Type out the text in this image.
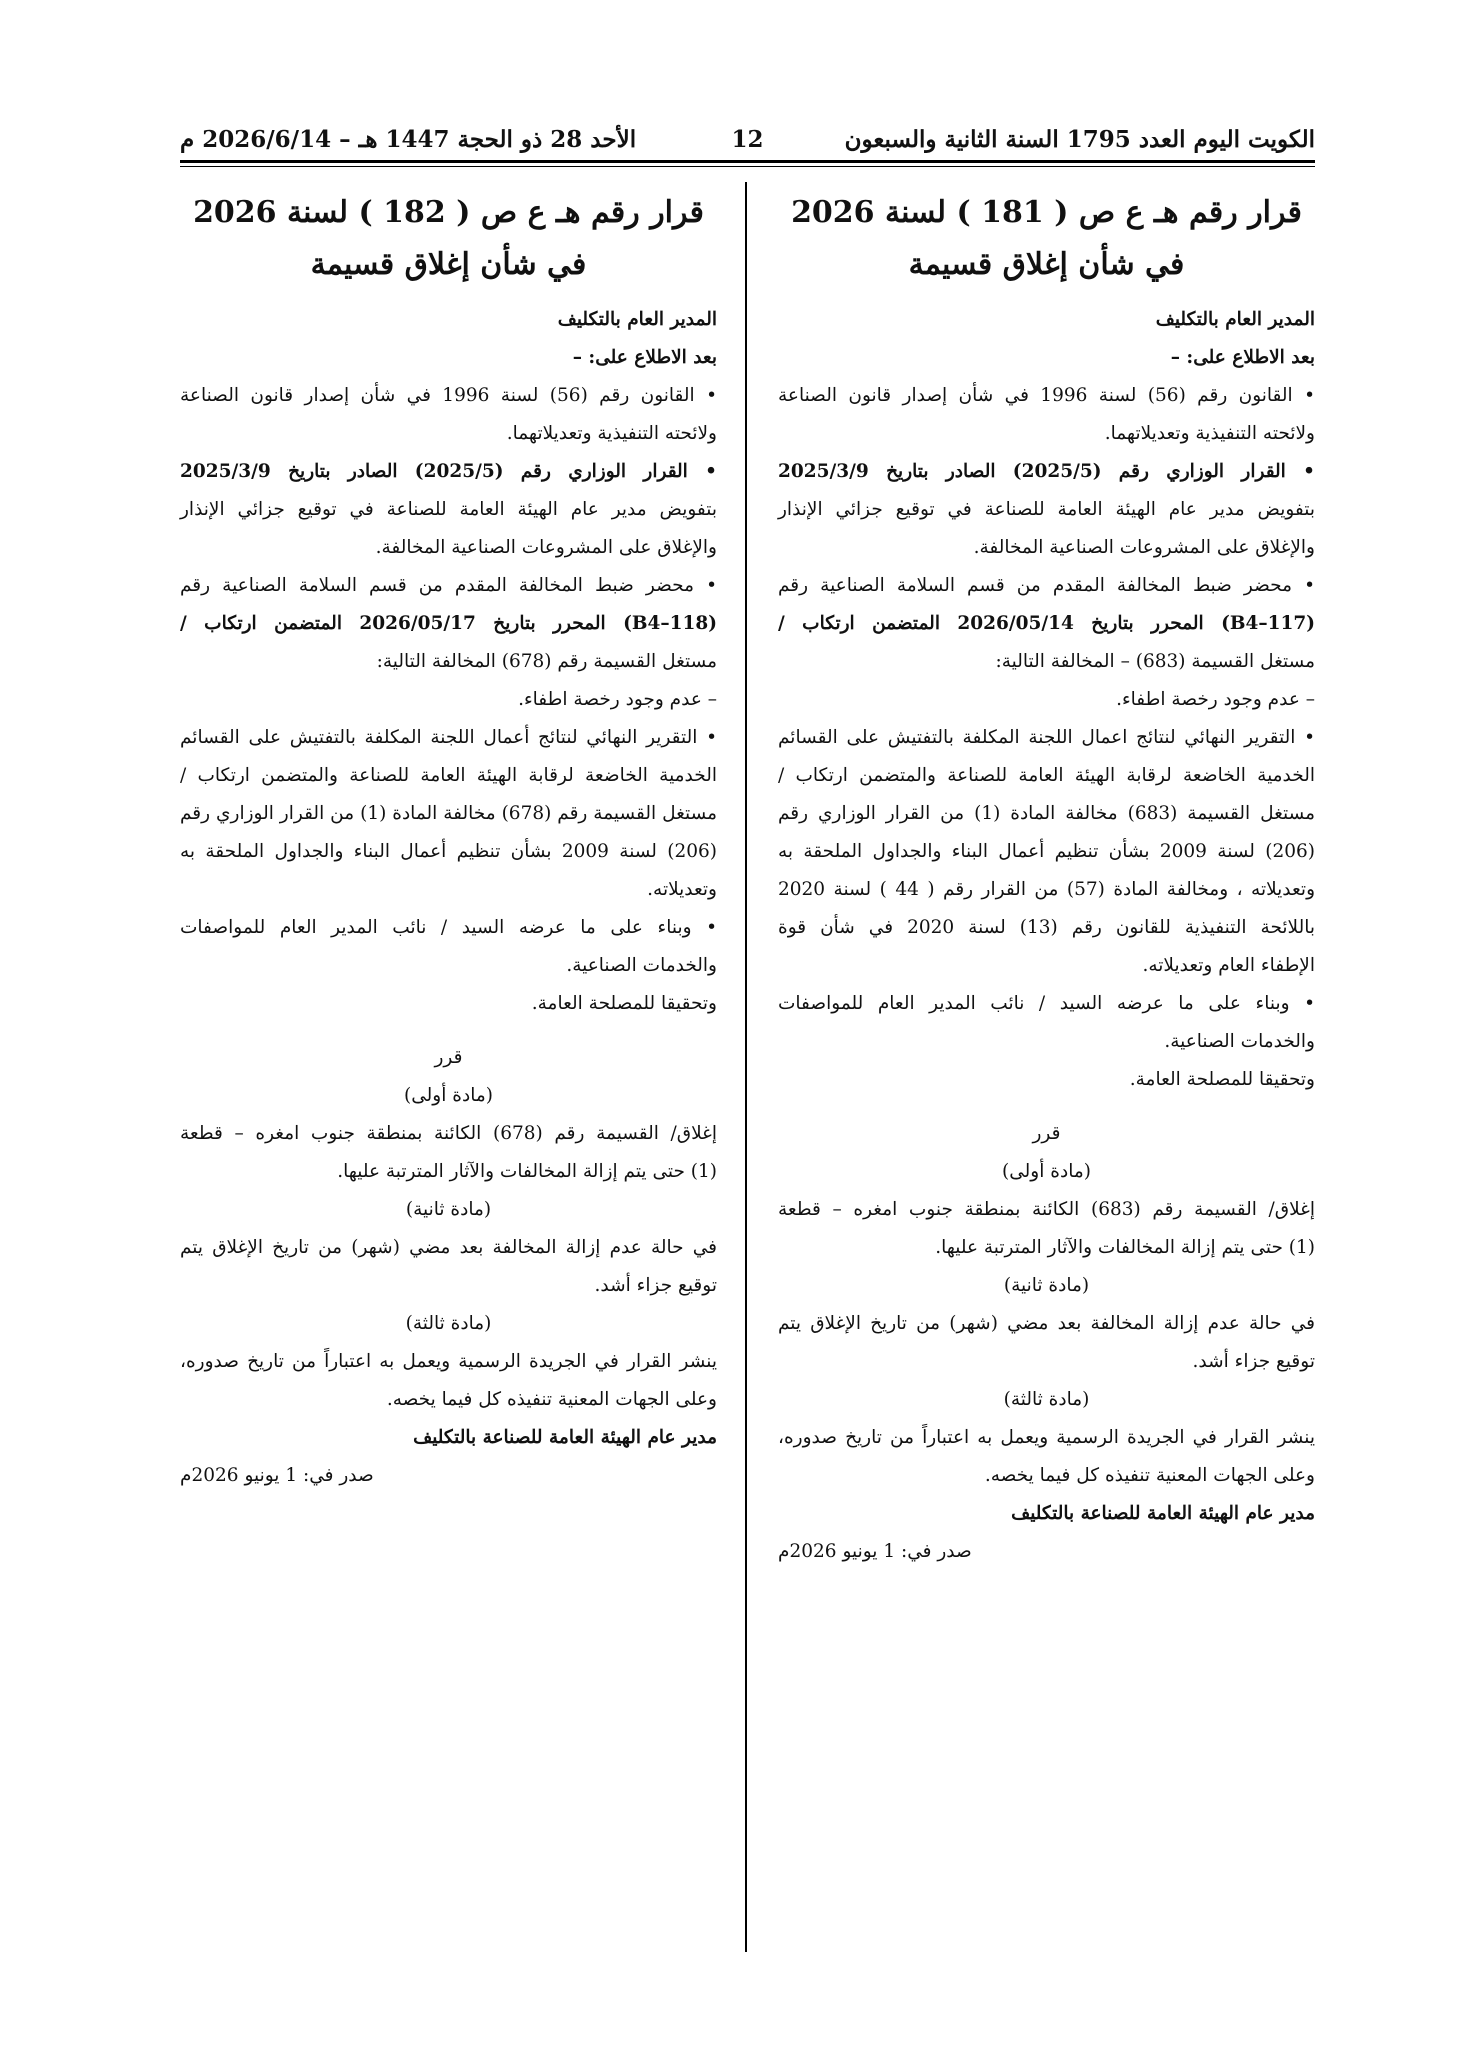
الكويت اليوم العدد 1795 السنة الثانية والسبعون
12
الأحد 28 ذو الحجة 1447 هـ – 2026/6/14 م
قرار رقم هـ ع ص ( 181 ) لسنة 2026
في شأن إغلاق قسيمة
المدير العام بالتكليف
بعد الاطلاع على: –
• القانون رقم (56) لسنة 1996 في شأن إصدار قانون الصناعة
ولائحته التنفيذية وتعديلاتهما.
• القرار الوزاري رقم (2025/5) الصادر بتاريخ 2025/3/9
بتفويض مدير عام الهيئة العامة للصناعة في توقيع جزائي الإنذار
والإغلاق على المشروعات الصناعية المخالفة.
• محضر ضبط المخالفة المقدم من قسم السلامة الصناعية رقم
(B4–117) المحرر بتاريخ 2026/05/14 المتضمن ارتكاب /
مستغل القسيمة (683) – المخالفة التالية:
– عدم وجود رخصة اطفاء.
• التقرير النهائي لنتائج اعمال اللجنة المكلفة بالتفتيش على القسائم
الخدمية الخاضعة لرقابة الهيئة العامة للصناعة والمتضمن ارتكاب /
مستغل القسيمة (683) مخالفة المادة (1) من القرار الوزاري رقم
(206) لسنة 2009 بشأن تنظيم أعمال البناء والجداول الملحقة به
وتعديلاته ، ومخالفة المادة (57) من القرار رقم ( 44 ) لسنة 2020
باللائحة التنفيذية للقانون رقم (13) لسنة 2020 في شأن قوة
الإطفاء العام وتعديلاته.
• وبناء على ما عرضه السيد / نائب المدير العام للمواصفات
والخدمات الصناعية.
وتحقيقا للمصلحة العامة.
قرر
(مادة أولى)
إغلاق/ القسيمة رقم (683) الكائنة بمنطقة جنوب امغره – قطعة
(1) حتى يتم إزالة المخالفات والآثار المترتبة عليها.
(مادة ثانية)
في حالة عدم إزالة المخالفة بعد مضي (شهر) من تاريخ الإغلاق يتم
توقيع جزاء أشد.
(مادة ثالثة)
ينشر القرار في الجريدة الرسمية ويعمل به اعتباراً من تاريخ صدوره،
وعلى الجهات المعنية تنفيذه كل فيما يخصه.
مدير عام الهيئة العامة للصناعة بالتكليف
صدر في: 1 يونيو 2026م
قرار رقم هـ ع ص ( 182 ) لسنة 2026
في شأن إغلاق قسيمة
المدير العام بالتكليف
بعد الاطلاع على: –
• القانون رقم (56) لسنة 1996 في شأن إصدار قانون الصناعة
ولائحته التنفيذية وتعديلاتهما.
• القرار الوزاري رقم (2025/5) الصادر بتاريخ 2025/3/9
بتفويض مدير عام الهيئة العامة للصناعة في توقيع جزائي الإنذار
والإغلاق على المشروعات الصناعية المخالفة.
• محضر ضبط المخالفة المقدم من قسم السلامة الصناعية رقم
(B4–118) المحرر بتاريخ 2026/05/17 المتضمن ارتكاب /
مستغل القسيمة رقم (678) المخالفة التالية:
– عدم وجود رخصة اطفاء.
• التقرير النهائي لنتائج أعمال اللجنة المكلفة بالتفتيش على القسائم
الخدمية الخاضعة لرقابة الهيئة العامة للصناعة والمتضمن ارتكاب /
مستغل القسيمة رقم (678) مخالفة المادة (1) من القرار الوزاري رقم
(206) لسنة 2009 بشأن تنظيم أعمال البناء والجداول الملحقة به
وتعديلاته.
• وبناء على ما عرضه السيد / نائب المدير العام للمواصفات
والخدمات الصناعية.
وتحقيقا للمصلحة العامة.
قرر
(مادة أولى)
إغلاق/ القسيمة رقم (678) الكائنة بمنطقة جنوب امغره – قطعة
(1) حتى يتم إزالة المخالفات والآثار المترتبة عليها.
(مادة ثانية)
في حالة عدم إزالة المخالفة بعد مضي (شهر) من تاريخ الإغلاق يتم
توقيع جزاء أشد.
(مادة ثالثة)
ينشر القرار في الجريدة الرسمية ويعمل به اعتباراً من تاريخ صدوره،
وعلى الجهات المعنية تنفيذه كل فيما يخصه.
مدير عام الهيئة العامة للصناعة بالتكليف
صدر في: 1 يونيو 2026م
